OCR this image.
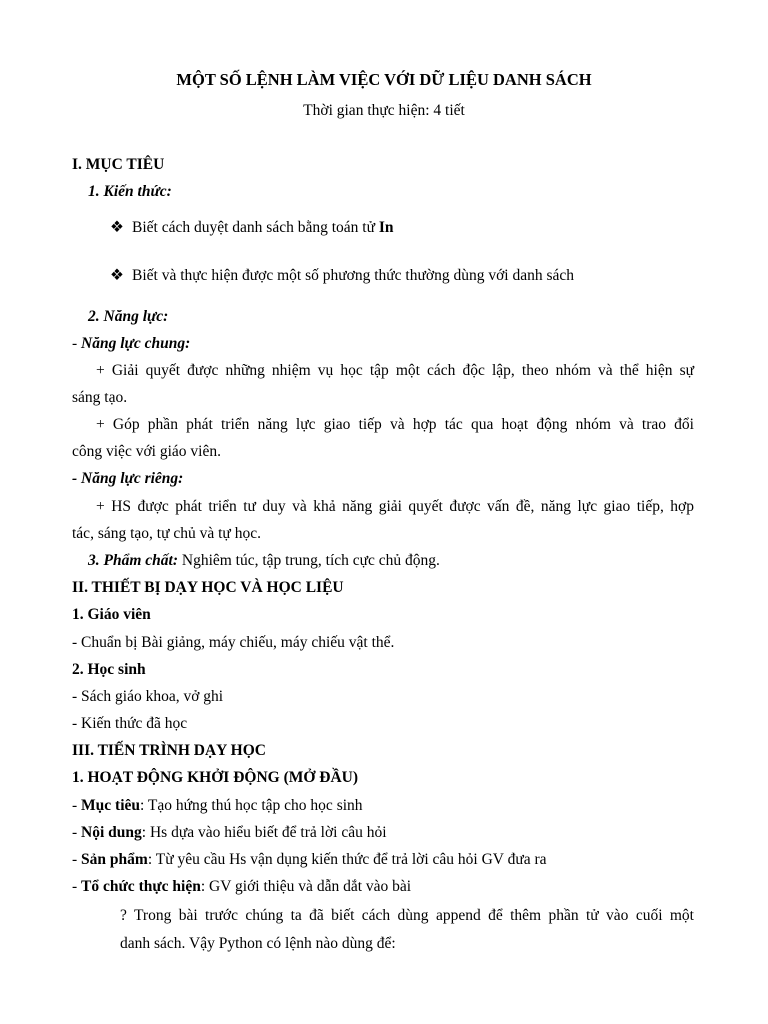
MỘT SỐ LỆNH LÀM VIỆC VỚI DỮ LIỆU DANH SÁCH
Thời gian thực hiện: 4 tiết
I. MỤC TIÊU
1. Kiến thức:
❖ Biết cách duyệt danh sách bằng toán tử In
❖ Biết và thực hiện được một số phương thức thường dùng với danh sách
2. Năng lực:
- Năng lực chung:
+ Giải quyết được những nhiệm vụ học tập một cách độc lập, theo nhóm và thể hiện sự
sáng tạo.
+ Góp phần phát triển năng lực giao tiếp và hợp tác qua hoạt động nhóm và trao đổi
công việc với giáo viên.
- Năng lực riêng:
+ HS được phát triển tư duy và khả năng giải quyết được vấn đề, năng lực giao tiếp, hợp
tác, sáng tạo, tự chủ và tự học.
3. Phẩm chất: Nghiêm túc, tập trung, tích cực chủ động.
II. THIẾT BỊ DẠY HỌC VÀ HỌC LIỆU
1. Giáo viên
- Chuẩn bị Bài giảng, máy chiếu, máy chiếu vật thể.
2. Học sinh
- Sách giáo khoa, vở ghi
- Kiến thức đã học
III. TIẾN TRÌNH DẠY HỌC
1. HOẠT ĐỘNG KHỞI ĐỘNG (MỞ ĐẦU)
- Mục tiêu: Tạo hứng thú học tập cho học sinh
- Nội dung: Hs dựa vào hiểu biết để trả lời câu hỏi
- Sản phẩm: Từ yêu cầu Hs vận dụng kiến thức để trả lời câu hỏi GV đưa ra
- Tổ chức thực hiện: GV giới thiệu và dẫn dắt vào bài
? Trong bài trước chúng ta đã biết cách dùng append để thêm phần tử vào cuối một
danh sách. Vậy Python có lệnh nào dùng để:
